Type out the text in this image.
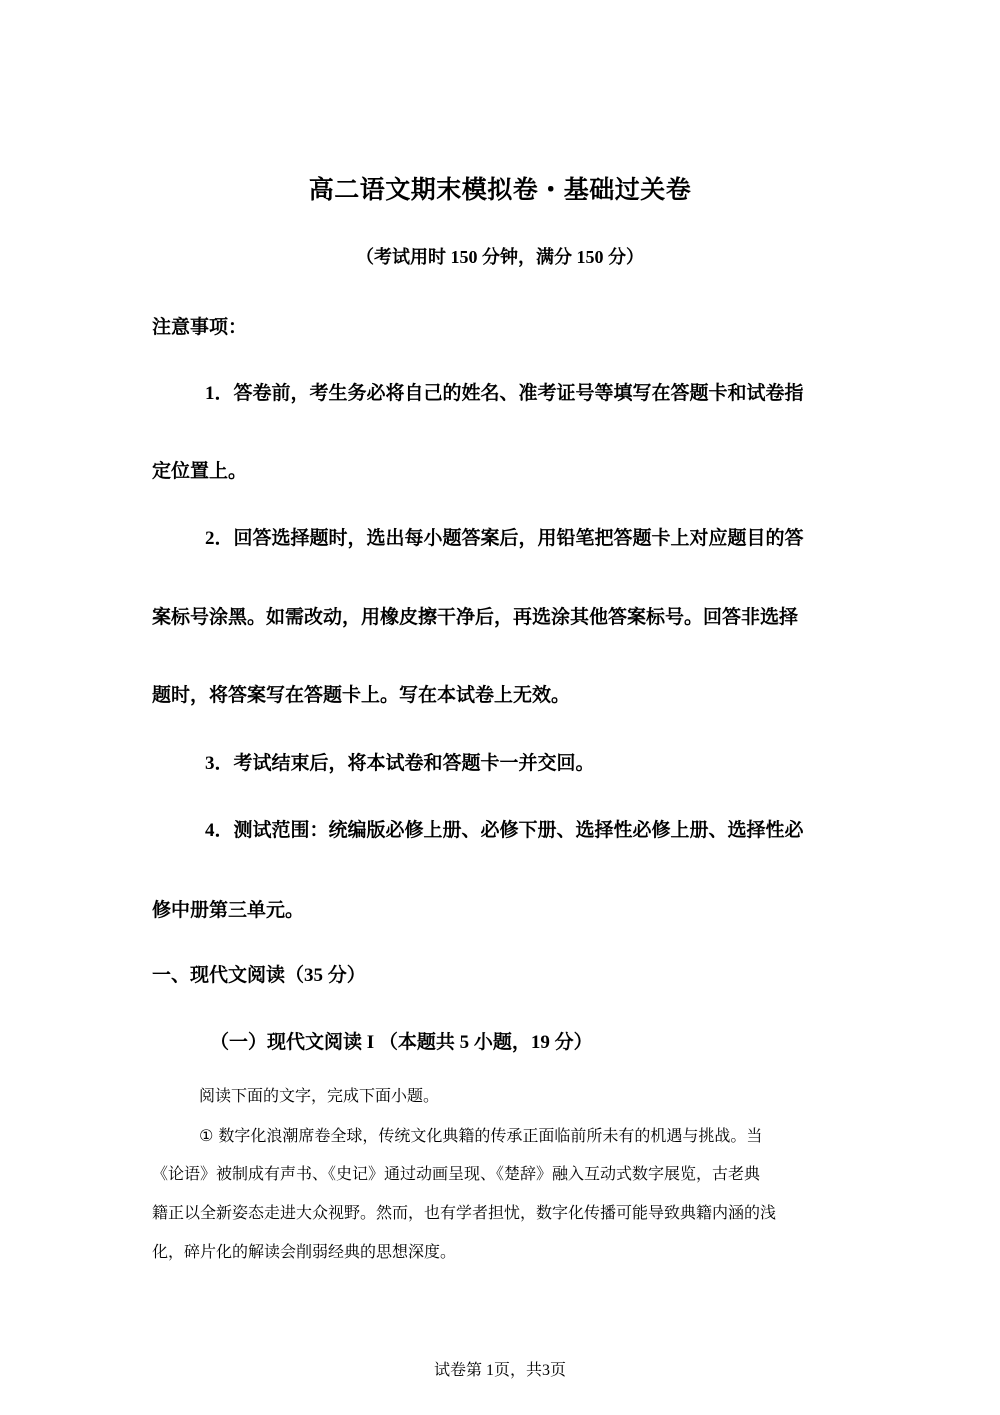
高二语文期末模拟卷・基础过关卷
（考试用时 150 分钟，满分 150 分）
注意事项：
1．答卷前，考生务必将自己的姓名、准考证号等填写在答题卡和试卷指
定位置上。
2．回答选择题时，选出每小题答案后，用铅笔把答题卡上对应题目的答
案标号涂黑。如需改动，用橡皮擦干净后，再选涂其他答案标号。回答非选择
题时，将答案写在答题卡上。写在本试卷上无效。
3．考试结束后，将本试卷和答题卡一并交回。
4．测试范围：统编版必修上册、必修下册、选择性必修上册、选择性必
修中册第三单元。
一、现代文阅读（35 分）
（一）现代文阅读 I （本题共 5 小题，19 分）
阅读下面的文字，完成下面小题。
① 数字化浪潮席卷全球，传统文化典籍的传承正面临前所未有的机遇与挑战。当
《论语》被制成有声书、《史记》通过动画呈现、《楚辞》融入互动式数字展览，古老典
籍正以全新姿态走进大众视野。然而，也有学者担忧，数字化传播可能导致典籍内涵的浅
化，碎片化的解读会削弱经典的思想深度。
试卷第 1页，共3页
